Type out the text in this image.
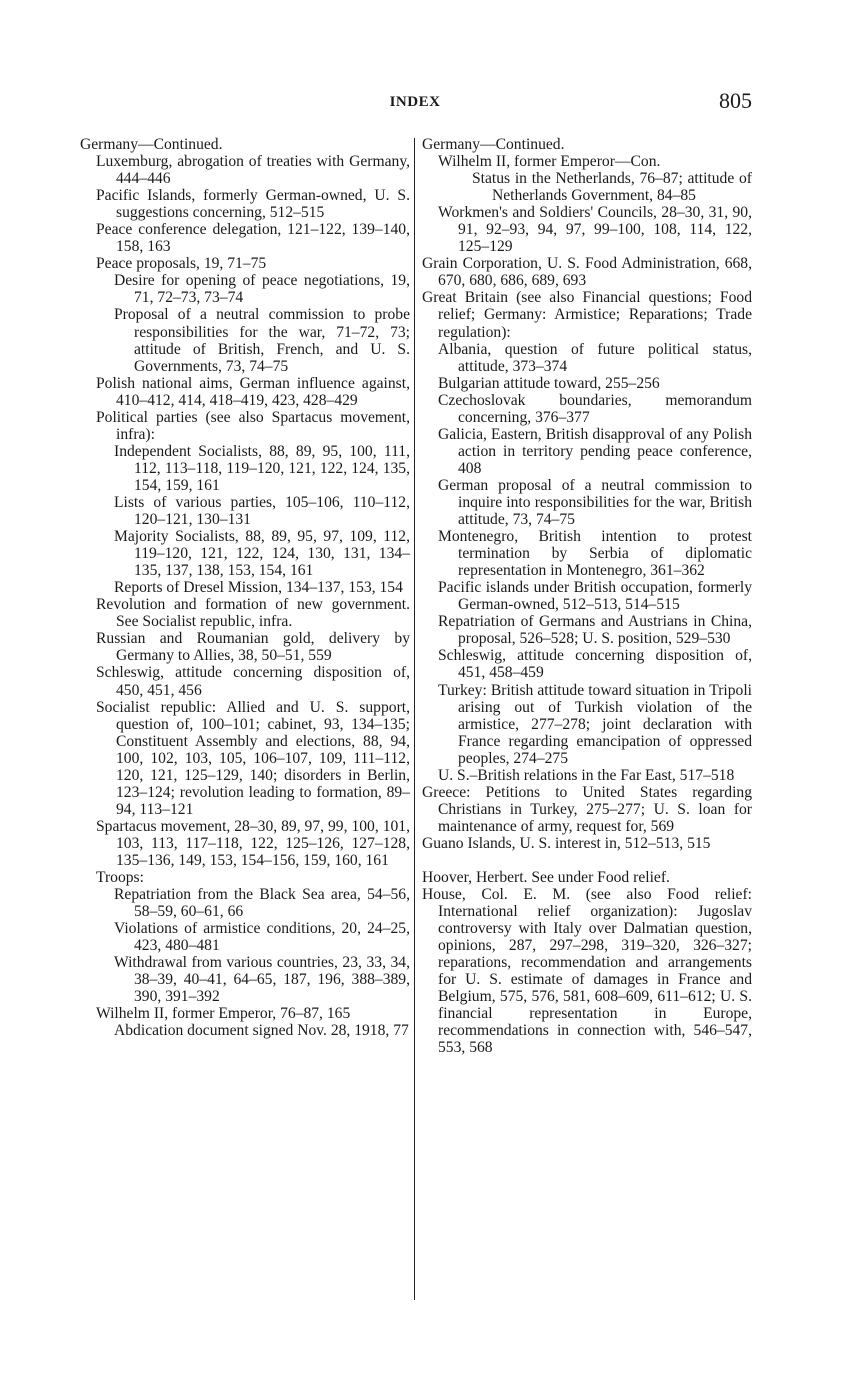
INDEX	805

Germany—Continued.

Luxemburg, abrogation of treaties with Germany, 444–446

Pacific Islands, formerly German-owned, U. S. suggestions concerning, 512–515

Peace conference delegation, 121–122, 139–140, 158, 163

Peace proposals, 19, 71–75

Desire for opening of peace negotiations, 19, 71, 72–73, 73–74

Proposal of a neutral commission to probe responsibilities for the war, 71–72, 73; attitude of British, French, and U. S. Governments, 73, 74–75

Polish national aims, German influence against, 410–412, 414, 418–419, 423, 428–429

Political parties (see also Spartacus movement, infra):

Independent Socialists, 88, 89, 95, 100, 111, 112, 113–118, 119–120, 121, 122, 124, 135, 154, 159, 161

Lists of various parties, 105–106, 110–112, 120–121, 130–131

Majority Socialists, 88, 89, 95, 97, 109, 112, 119–120, 121, 122, 124, 130, 131, 134–135, 137, 138, 153, 154, 161

Reports of Dresel Mission, 134–137, 153, 154

Revolution and formation of new government. See Socialist republic, infra.

Russian and Roumanian gold, delivery by Germany to Allies, 38, 50–51, 559

Schleswig, attitude concerning disposition of, 450, 451, 456

Socialist republic: Allied and U. S. support, question of, 100–101; cabinet, 93, 134–135; Constituent Assembly and elections, 88, 94, 100, 102, 103, 105, 106–107, 109, 111–112, 120, 121, 125–129, 140; disorders in Berlin, 123–124; revolution leading to formation, 89–94, 113–121

Spartacus movement, 28–30, 89, 97, 99, 100, 101, 103, 113, 117–118, 122, 125–126, 127–128, 135–136, 149, 153, 154–156, 159, 160, 161

Troops:

Repatriation from the Black Sea area, 54–56, 58–59, 60–61, 66

Violations of armistice conditions, 20, 24–25, 423, 480–481

Withdrawal from various countries, 23, 33, 34, 38–39, 40–41, 64–65, 187, 196, 388–389, 390, 391–392

Wilhelm II, former Emperor, 76–87, 165

Abdication document signed Nov. 28, 1918, 77

Germany—Continued.

Wilhelm II, former Emperor—Con.

Status in the Netherlands, 76–87; attitude of Netherlands Government, 84–85

Workmen's and Soldiers' Councils, 28–30, 31, 90, 91, 92–93, 94, 97, 99–100, 108, 114, 122, 125–129

Grain Corporation, U. S. Food Administration, 668, 670, 680, 686, 689, 693

Great Britain (see also Financial questions; Food relief; Germany: Armistice; Reparations; Trade regulation):

Albania, question of future political status, attitude, 373–374

Bulgarian attitude toward, 255–256

Czechoslovak boundaries, memorandum concerning, 376–377

Galicia, Eastern, British disapproval of any Polish action in territory pending peace conference, 408

German proposal of a neutral commission to inquire into responsibilities for the war, British attitude, 73, 74–75

Montenegro, British intention to protest termination by Serbia of diplomatic representation in Montenegro, 361–362

Pacific islands under British occupation, formerly German-owned, 512–513, 514–515

Repatriation of Germans and Austrians in China, proposal, 526–528; U. S. position, 529–530

Schleswig, attitude concerning disposition of, 451, 458–459

Turkey: British attitude toward situation in Tripoli arising out of Turkish violation of the armistice, 277–278; joint declaration with France regarding emancipation of oppressed peoples, 274–275

U. S.–British relations in the Far East, 517–518

Greece: Petitions to United States regarding Christians in Turkey, 275–277; U. S. loan for maintenance of army, request for, 569

Guano Islands, U. S. interest in, 512–513, 515

Hoover, Herbert. See under Food relief.

House, Col. E. M. (see also Food relief: International relief organization): Jugoslav controversy with Italy over Dalmatian question, opinions, 287, 297–298, 319–320, 326–327; reparations, recommendation and arrangements for U. S. estimate of damages in France and Belgium, 575, 576, 581, 608–609, 611–612; U. S. financial representation in Europe, recommendations in connection with, 546–547, 553, 568
